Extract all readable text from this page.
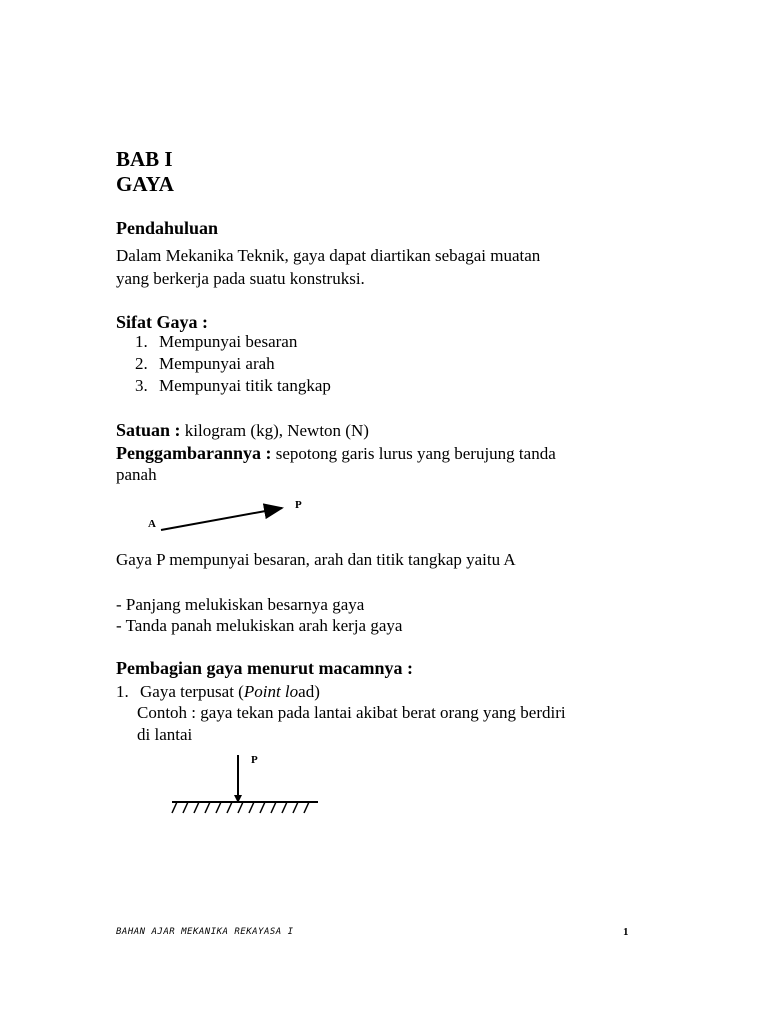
BAB I
GAYA
Pendahuluan
Dalam Mekanika Teknik, gaya dapat diartikan sebagai muatan
yang berkerja pada suatu konstruksi.
Sifat Gaya :
1. Mempunyai besaran
2. Mempunyai arah
3. Mempunyai titik tangkap
Satuan : kilogram (kg), Newton (N)
Penggambarannya : sepotong garis lurus yang berujung tanda
panah
A
P
Gaya P mempunyai besaran, arah dan titik tangkap yaitu A
- Panjang melukiskan besarnya gaya
- Tanda panah melukiskan arah kerja gaya
Pembagian gaya menurut macamnya :
1. Gaya terpusat (Point load)
Contoh : gaya tekan pada lantai akibat berat orang yang berdiri
di lantai
P
BAHAN AJAR MEKANIKA REKAYASA I	1
